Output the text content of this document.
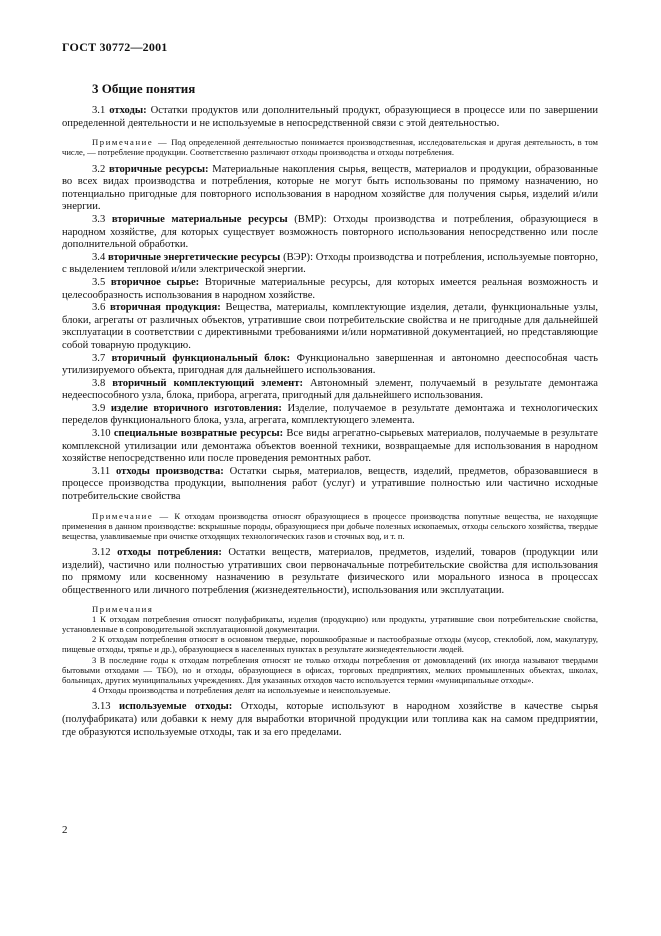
ГОСТ 30772—2001
3 Общие понятия

3.1 отходы: Остатки продуктов или дополнительный продукт, образующиеся в процессе или по завершении определенной деятельности и не используемые в непосредственной связи с этой деятельностью.

Примечание — Под определенной деятельностью понимается производственная, исследовательская и другая деятельность, в том числе, — потребление продукции. Соответственно различают отходы производства и отходы потребления.

3.2 вторичные ресурсы: Материальные накопления сырья, веществ, материалов и продукции, образованные во всех видах производства и потребления, которые не могут быть использованы по прямому назначению, но потенциально пригодные для повторного использования в народном хозяйстве для получения сырья, изделий и/или энергии.

3.3 вторичные материальные ресурсы (ВМР): Отходы производства и потребления, образующиеся в народном хозяйстве, для которых существует возможность повторного использования непосредственно или после дополнительной обработки.

3.4 вторичные энергетические ресурсы (ВЭР): Отходы производства и потребления, используемые повторно, с выделением тепловой и/или электрической энергии.

3.5 вторичное сырье: Вторичные материальные ресурсы, для которых имеется реальная возможность и целесообразность использования в народном хозяйстве.

3.6 вторичная продукция: Вещества, материалы, комплектующие изделия, детали, функциональные узлы, блоки, агрегаты от различных объектов, утратившие свои потребительские свойства и не пригодные для дальнейшей эксплуатации в соответствии с директивными требованиями и/или нормативной документацией, но представляющие собой товарную продукцию.

3.7 вторичный функциональный блок: Функционально завершенная и автономно дееспособная часть утилизируемого объекта, пригодная для дальнейшего использования.

3.8 вторичный комплектующий элемент: Автономный элемент, получаемый в результате демонтажа недееспособного узла, блока, прибора, агрегата, пригодный для дальнейшего использования.

3.9 изделие вторичного изготовления: Изделие, получаемое в результате демонтажа и технологических переделов функционального блока, узла, агрегата, комплектующего элемента.

3.10 специальные возвратные ресурсы: Все виды агрегатно-сырьевых материалов, получаемые в результате комплексной утилизации или демонтажа объектов военной техники, возвращаемые для использования в народном хозяйстве непосредственно или после проведения ремонтных работ.

3.11 отходы производства: Остатки сырья, материалов, веществ, изделий, предметов, образовавшиеся в процессе производства продукции, выполнения работ (услуг) и утратившие полностью или частично исходные потребительские свойства

Примечание — К отходам производства относят образующиеся в процессе производства попутные вещества, не находящие применения в данном производстве: вскрышные породы, образующиеся при добыче полезных ископаемых, отходы сельского хозяйства, твердые вещества, улавливаемые при очистке отходящих технологических газов и сточных вод, и т. п.

3.12 отходы потребления: Остатки веществ, материалов, предметов, изделий, товаров (продукции или изделий), частично или полностью утративших свои первоначальные потребительские свойства для использования по прямому или косвенному назначению в результате физического или морального износа в процессах общественного или личного потребления (жизнедеятельности), использования или эксплуатации.

Примечания

1 К отходам потребления относят полуфабрикаты, изделия (продукцию) или продукты, утратившие свои потребительские свойства, установленные в сопроводительной эксплуатационной документации.

2 К отходам потребления относят в основном твердые, порошкообразные и пастообразные отходы (мусор, стеклобой, лом, макулатуру, пищевые отходы, тряпье и др.), образующиеся в населенных пунктах в результате жизнедеятельности людей.

3 В последние годы к отходам потребления относят не только отходы потребления от домовладений (их иногда называют твердыми бытовыми отходами — ТБО), но и отходы, образующиеся в офисах, торговых предприятиях, мелких промышленных объектах, школах, больницах, других муниципальных учреждениях. Для указанных отходов часто используется термин «муниципальные отходы».

4 Отходы производства и потребления делят на используемые и неиспользуемые.

3.13 используемые отходы: Отходы, которые используют в народном хозяйстве в качестве сырья (полуфабриката) или добавки к нему для выработки вторичной продукции или топлива как на самом предприятии, где образуются используемые отходы, так и за его пределами.

2
